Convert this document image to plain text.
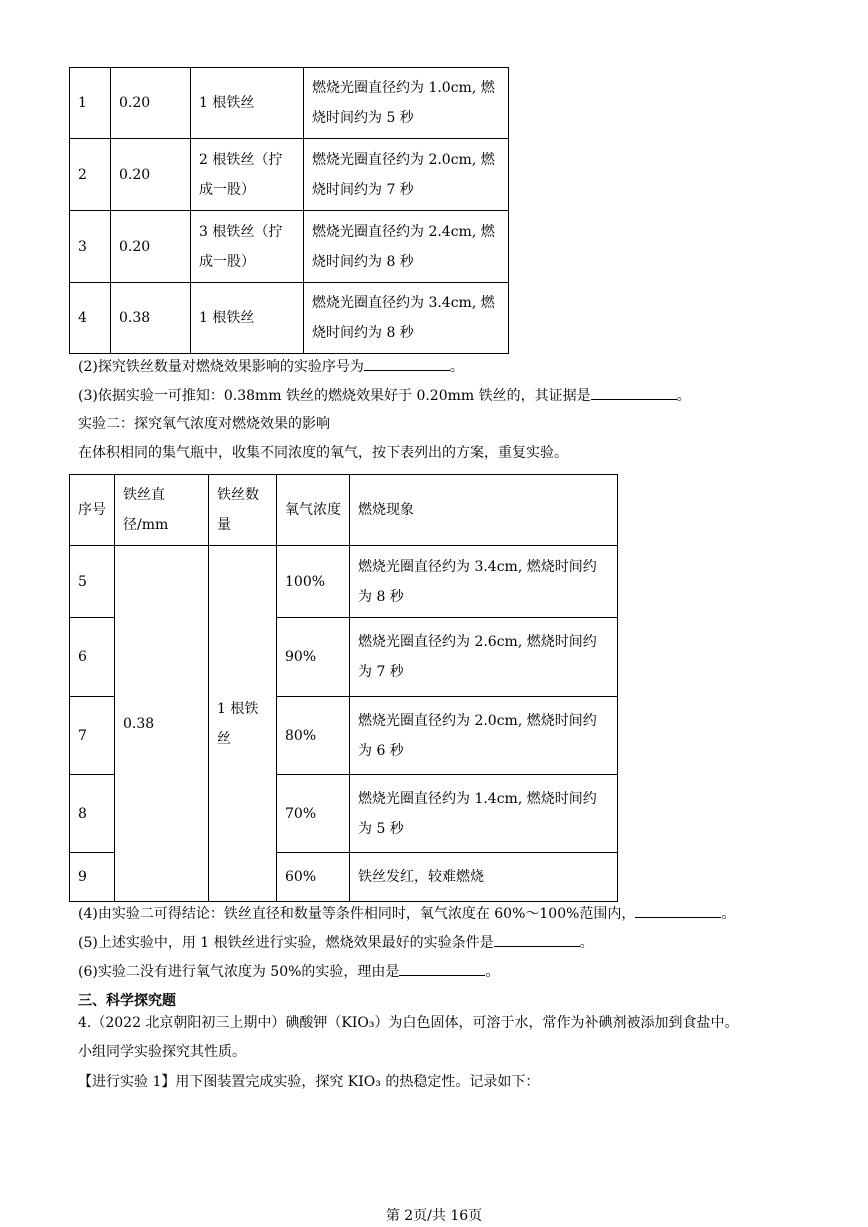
1	0.20	1 根铁丝	燃烧光圈直径约为 1.0cm, 燃烧时间约为 5 秒
2	0.20	2 根铁丝（拧成一股）	燃烧光圈直径约为 2.0cm, 燃烧时间约为 7 秒
3	0.20	3 根铁丝（拧成一股）	燃烧光圈直径约为 2.4cm, 燃烧时间约为 8 秒
4	0.38	1 根铁丝	燃烧光圈直径约为 3.4cm, 燃烧时间约为 8 秒
(2)探究铁丝数量对燃烧效果影响的实验序号为	。
(3)依据实验一可推知：0.38mm 铁丝的燃烧效果好于 0.20mm 铁丝的，其证据是	。
实验二：探究氧气浓度对燃烧效果的影响
在体积相同的集气瓶中，收集不同浓度的氧气，按下表列出的方案，重复实验。
序号	铁丝直径/mm	铁丝数量	氧气浓度	燃烧现象
5	0.38	1 根铁丝	100%	燃烧光圈直径约为 3.4cm, 燃烧时间约为 8 秒
6			90%	燃烧光圈直径约为 2.6cm, 燃烧时间约为 7 秒
7			80%	燃烧光圈直径约为 2.0cm, 燃烧时间约为 6 秒
8			70%	燃烧光圈直径约为 1.4cm, 燃烧时间约为 5 秒
9			60%	铁丝发红，较难燃烧
(4)由实验二可得结论：铁丝直径和数量等条件相同时，氧气浓度在 60%～100%范围内，	。
(5)上述实验中，用 1 根铁丝进行实验，燃烧效果最好的实验条件是	。
(6)实验二没有进行氧气浓度为 50%的实验，理由是	。
三、科学探究题
4.（2022 北京朝阳初三上期中）碘酸钾（KIO₃）为白色固体，可溶于水，常作为补碘剂被添加到食盐中。
小组同学实验探究其性质。
【进行实验 1】用下图装置完成实验，探究 KIO₃ 的热稳定性。记录如下：
第 2页/共 16页
